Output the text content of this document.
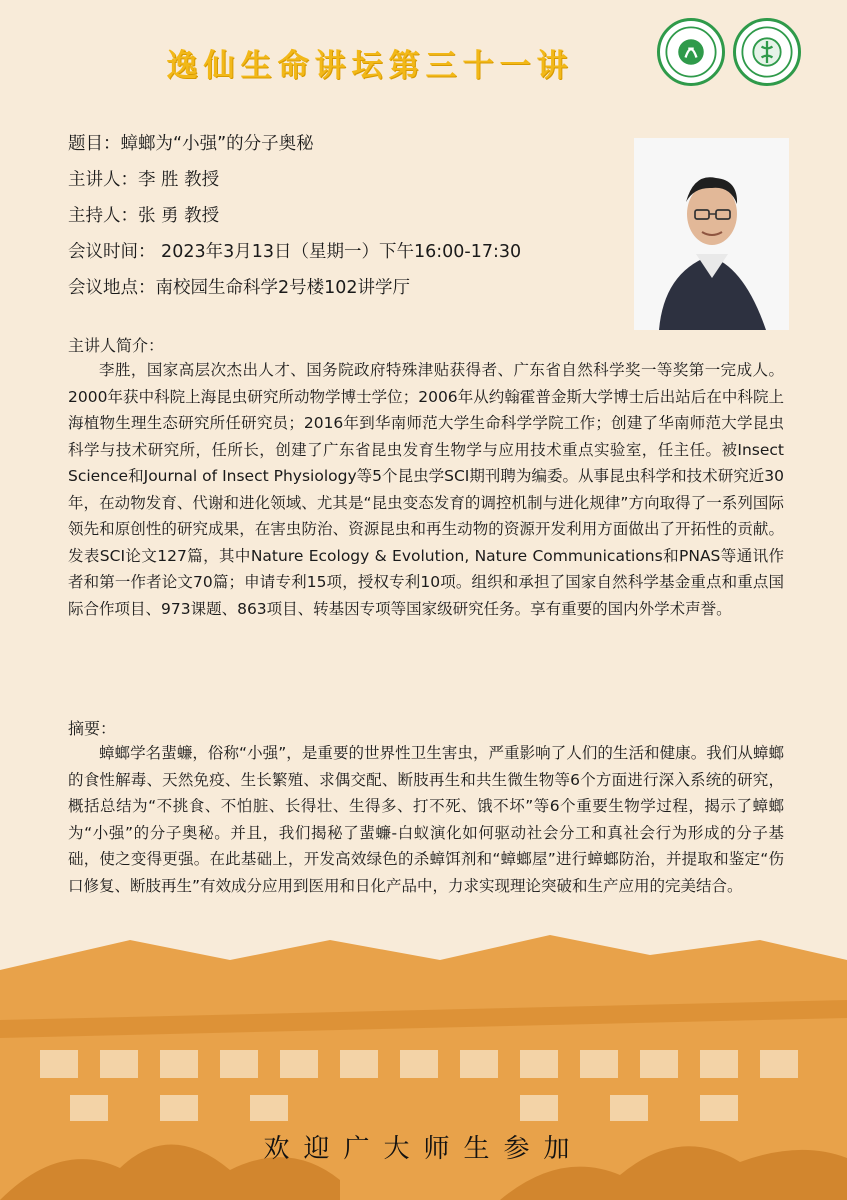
逸仙生命讲坛第三十一讲
题目：蟑螂为“小强”的分子奥秘
主讲人：李 胜 教授
主持人：张 勇 教授
会议时间： 2023年3月13日（星期一）下午16:00-17:30
会议地点：南校园生命科学2号楼102讲学厅
主讲人简介：
李胜，国家高层次杰出人才、国务院政府特殊津贴获得者、广东省自然科学奖一等奖第一完成人。2000年获中科院上海昆虫研究所动物学博士学位；2006年从约翰霍普金斯大学博士后出站后在中科院上海植物生理生态研究所任研究员；2016年到华南师范大学生命科学学院工作；创建了华南师范大学昆虫科学与技术研究所，任所长，创建了广东省昆虫发育生物学与应用技术重点实验室，任主任。被Insect Science和Journal of Insect Physiology等5个昆虫学SCI期刊聘为编委。从事昆虫科学和技术研究近30年，在动物发育、代谢和进化领域、尤其是“昆虫变态发育的调控机制与进化规律”方向取得了一系列国际领先和原创性的研究成果，在害虫防治、资源昆虫和再生动物的资源开发利用方面做出了开拓性的贡献。发表SCI论文127篇，其中Nature Ecology & Evolution, Nature Communications和PNAS等通讯作者和第一作者论文70篇；申请专利15项，授权专利10项。组织和承担了国家自然科学基金重点和重点国际合作项目、973课题、863项目、转基因专项等国家级研究任务。享有重要的国内外学术声誉。
摘要：
蟑螂学名蜚蠊，俗称“小强”，是重要的世界性卫生害虫，严重影响了人们的生活和健康。我们从蟑螂的食性解毒、天然免疫、生长繁殖、求偶交配、断肢再生和共生微生物等6个方面进行深入系统的研究，概括总结为“不挑食、不怕脏、长得壮、生得多、打不死、饿不坏”等6个重要生物学过程，揭示了蟑螂为“小强”的分子奥秘。并且，我们揭秘了蜚蠊-白蚁演化如何驱动社会分工和真社会行为形成的分子基础，使之变得更强。在此基础上，开发高效绿色的杀蟑饵剂和“蟑螂屋”进行蟑螂防治，并提取和鉴定“伤口修复、断肢再生”有效成分应用到医用和日化产品中，力求实现理论突破和生产应用的完美结合。
欢迎广大师生参加
